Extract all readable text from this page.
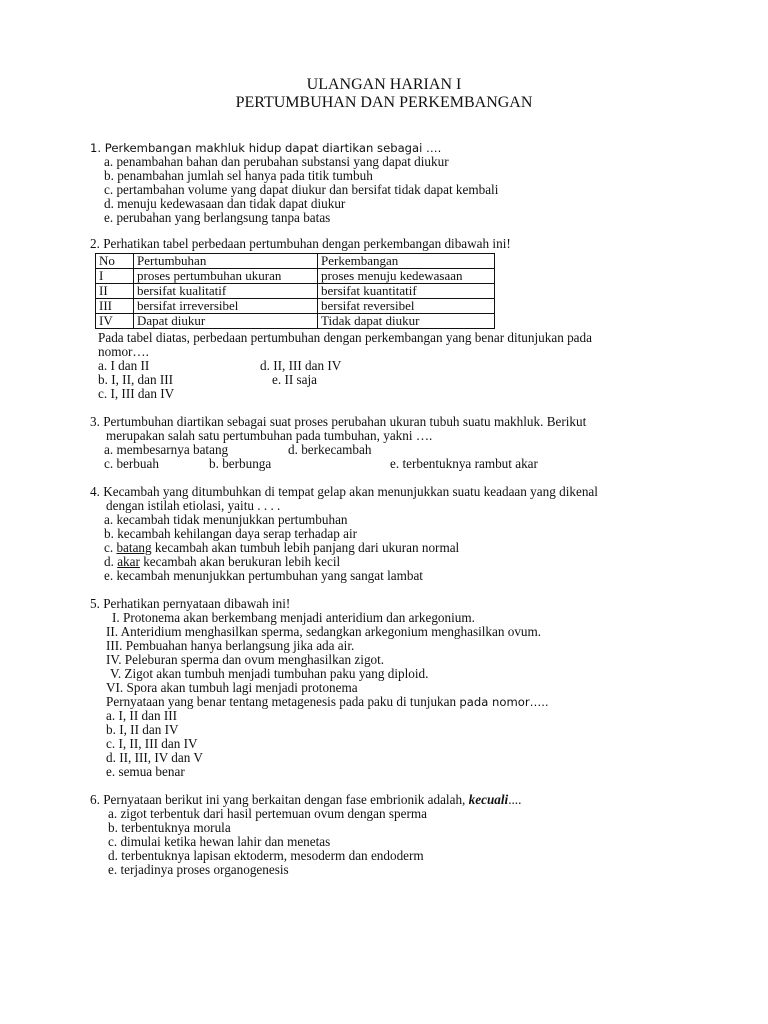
ULANGAN HARIAN I
PERTUMBUHAN DAN PERKEMBANGAN
1. Perkembangan makhluk hidup dapat diartikan sebagai ….
a. penambahan bahan dan perubahan substansi yang dapat diukur
b. penambahan jumlah sel hanya pada titik tumbuh
c. pertambahan volume yang dapat diukur dan bersifat tidak dapat kembali
d. menuju kedewasaan dan tidak dapat diukur
e. perubahan yang berlangsung tanpa batas
2. Perhatikan tabel perbedaan pertumbuhan dengan perkembangan dibawah ini!
No	Pertumbuhan	Perkembangan
I	proses pertumbuhan ukuran	proses menuju kedewasaan
II	bersifat kualitatif	bersifat kuantitatif
III	bersifat irreversibel	bersifat reversibel
IV	Dapat diukur	Tidak dapat diukur
Pada tabel diatas, perbedaan pertumbuhan dengan perkembangan yang benar ditunjukan pada
nomor….
a. I dan II	d. II, III dan IV
b. I, II, dan III	e. II saja
c. I, III dan IV
3. Pertumbuhan diartikan sebagai suat proses perubahan ukuran tubuh suatu makhluk. Berikut
merupakan salah satu pertumbuhan pada tumbuhan, yakni ….
a. membesarnya batang	d. berkecambah
c. berbuah	b. berbunga	e. terbentuknya rambut akar
4. Kecambah yang ditumbuhkan di tempat gelap akan menunjukkan suatu keadaan yang dikenal
dengan istilah etiolasi, yaitu . . . .
a. kecambah tidak menunjukkan pertumbuhan
b. kecambah kehilangan daya serap terhadap air
c. batang kecambah akan tumbuh lebih panjang dari ukuran normal
d. akar kecambah akan berukuran lebih kecil
e. kecambah menunjukkan pertumbuhan yang sangat lambat
5. Perhatikan pernyataan dibawah ini!
I. Protonema akan berkembang menjadi anteridium dan arkegonium.
II. Anteridium menghasilkan sperma, sedangkan arkegonium menghasilkan ovum.
III. Pembuahan hanya berlangsung jika ada air.
IV. Peleburan sperma dan ovum menghasilkan zigot.
V. Zigot akan tumbuh menjadi tumbuhan paku yang diploid.
VI. Spora akan tumbuh lagi menjadi protonema
Pernyataan yang benar tentang metagenesis pada paku di tunjukan pada nomor…..
a. I, II dan III
b. I, II dan IV
c. I, II, III dan IV
d. II, III, IV dan V
e. semua benar
6. Pernyataan berikut ini yang berkaitan dengan fase embrionik adalah, kecuali....
a. zigot terbentuk dari hasil pertemuan ovum dengan sperma
b. terbentuknya morula
c. dimulai ketika hewan lahir dan menetas
d. terbentuknya lapisan ektoderm, mesoderm dan endoderm
e. terjadinya proses organogenesis
